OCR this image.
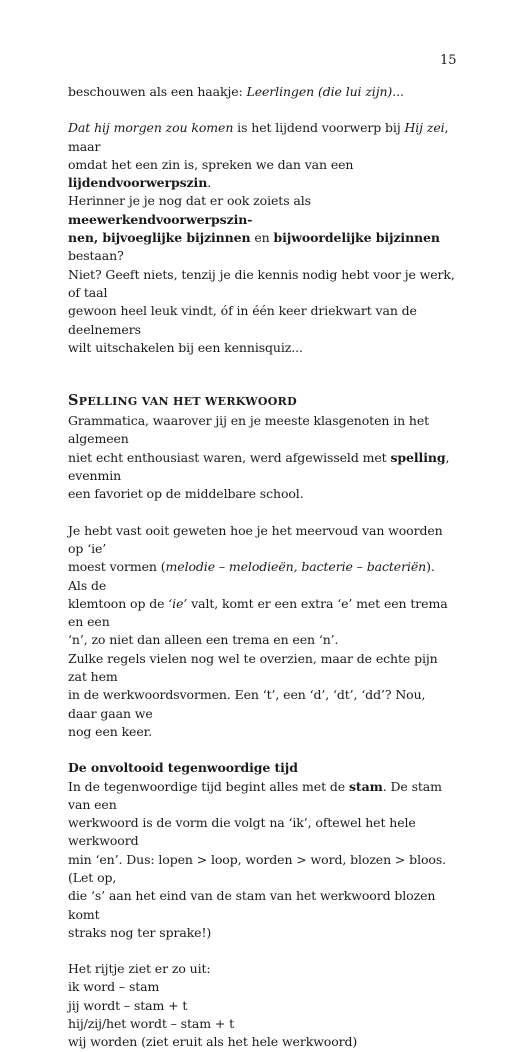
15

beschouwen als een haakje: Leerlingen (die lui zijn)...

Dat hij morgen zou komen is het lijdend voorwerp bij Hij zei, maar

omdat het een zin is, spreken we dan van een lijdendvoorwerpszin.

Herinner je je nog dat er ook zoiets als meewerkendvoorwerpszin-

nen, bijvoeglijke bijzinnen en bijwoordelijke bijzinnen bestaan?

Niet? Geeft niets, tenzij je die kennis nodig hebt voor je werk, of taal

gewoon heel leuk vindt, óf in één keer driekwart van de deelnemers

wilt uitschakelen bij een kennisquiz...

SPELLING VAN HET WERKWOORD

Grammatica, waarover jij en je meeste klasgenoten in het algemeen

niet echt enthousiast waren, werd afgewisseld met spelling, evenmin

een favoriet op de middelbare school.

Je hebt vast ooit geweten hoe je het meervoud van woorden op ‘ie’

moest vormen (melodie – melodieën, bacterie – bacteriën). Als de

klemtoon op de ‘ie’ valt, komt er een extra ‘e’ met een trema en een

‘n’, zo niet dan alleen een trema en een ‘n’.

Zulke regels vielen nog wel te overzien, maar de echte pijn zat hem

in de werkwoordsvormen. Een ‘t’, een ‘d’, ‘dt’, ‘dd’? Nou, daar gaan we

nog een keer.

De onvoltooid tegenwoordige tijd

In de tegenwoordige tijd begint alles met de stam. De stam van een

werkwoord is de vorm die volgt na ‘ik’, oftewel het hele werkwoord

min ‘en’. Dus: lopen > loop, worden > word, blozen > bloos. (Let op,

die ‘s’ aan het eind van de stam van het werkwoord blozen komt

straks nog ter sprake!)

Het rijtje ziet er zo uit:

ik word – stam

jij wordt – stam + t

hij/zij/het wordt – stam + t

wij worden (ziet eruit als het hele werkwoord)
